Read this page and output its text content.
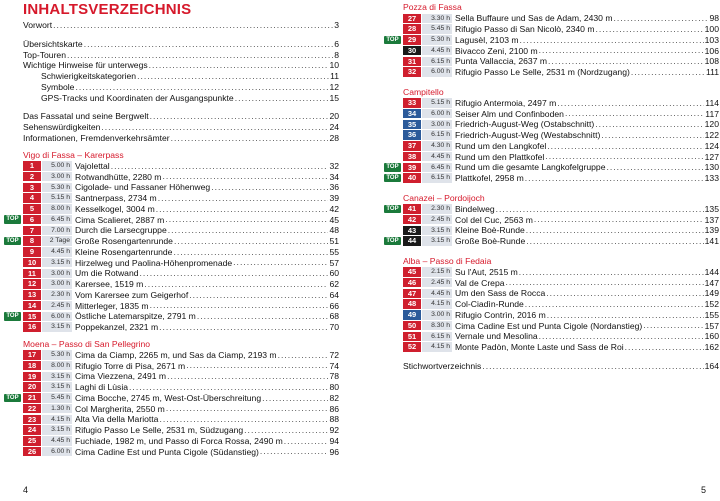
INHALTSVERZEICHNIS
Vorwort .....	3
Übersichtskarte .....	6
Top-Touren .....	8
Wichtige Hinweise für unterwegs .....	10
Schwierigkeitskategorien .....	11
Symbole .....	12
GPS-Tracks und Koordinaten der Ausgangspunkte .....	15
Das Fassatal und seine Bergwelt .....	20
Sehenswürdigkeiten .....	24
Informationen, Fremdenverkehrsämter .....	28
Vigo di Fassa – Karerpass
1	5.00 h Vajolettal .....	32
2	3.00 h Rotwandhütte, 2280 m .....	34
3	5.30 h Cigolade- und Fassaner Höhenweg .....	36
4	5.15 h Santnerpass, 2734 m .....	39
5	8.00 h Kesselkogel, 3004 m .....	42
TOP	6	6.45 h Cima Scalieret, 2887 m .....	45
7	7.00 h Durch die Larsecgruppe .....	48
TOP	8	2 Tage Große Rosengartenrunde .....	51
9	4.45 h Kleine Rosengartenrunde .....	55
10	3.15 h Hirzelweg und Paolina-Höhenpromenade .....	57
11	3.00 h Um die Rotwand .....	60
12	3.00 h Karersee, 1519 m .....	62
13	2.30 h Vom Karersee zum Geigerhof .....	64
14	2.45 h Mitterleger, 1835 m .....	66
TOP	15	6.00 h Östliche Latemarspitze, 2791 m .....	68
16	3.15 h Poppekanzel, 2321 m .....	70
Moena – Passo di San Pellegrino
17	5.30 h Cima da Ciamp, 2265 m, und Sas da Ciamp, 2193 m .....	72
18	8.00 h Rifugio Torre di Pisa, 2671 m .....	74
19	3.15 h Cima Viezzena, 2491 m .....	78
20	3.15 h Laghi di Lùsia .....	80
TOP	21	5.45 h Cima Bocche, 2745 m, West-Ost-Überschreitung .....	82
22	1.30 h Col Margherita, 2550 m .....	86
23	4.15 h Alta Via della Mariotta .....	88
24	3.15 h Rifugio Passo Le Selle, 2531 m, Südzugang .....	92
25	4.45 h Fuchiade, 1982 m, und Passo di Forca Rossa, 2490 m .....	94
26	6.00 h Cima Cadine Est und Punta Cigole (Südanstieg) .....	96
4
Pozza di Fassa
27	3.30 h Sella Buffaure und Sas de Adam, 2430 m .....	98
28	5.45 h Rifugio Passo di San Nicolò, 2340 m .....	100
TOP	29	5.30 h Lagusèl, 2103 m .....	103
30	4.45 h Bivacco Zeni, 2100 m .....	106
31	6.15 h Punta Vallaccia, 2637 m .....	108
32	6.00 h Rifugio Passo Le Selle, 2531 m (Nordzugang) .....	111
Campitello
33	5.15 h Rifugio Antermoia, 2497 m .....	114
34	6.00 h Seiser Alm und Confinboden .....	117
35	3.00 h Friedrich-August-Weg (Ostabschnitt) .....	120
36	6.15 h Friedrich-August-Weg (Westabschnitt) .....	122
37	4.30 h Rund um den Langkofel .....	124
38	4.45 h Rund um den Plattkofel .....	127
TOP	39	6.45 h Rund um die gesamte Langkofelgruppe .....	130
TOP	40	6.15 h Plattkofel, 2958 m .....	133
Canazei – Pordoijoch
TOP	41	2.30 h Bindelweg .....	135
42	2.45 h Col del Cuc, 2563 m .....	137
43	3.15 h Kleine Boè-Runde .....	139
TOP	44	3.15 h Große Boè-Runde .....	141
Alba – Passo di Fedaia
45	2.15 h Su l'Aut, 2515 m .....	144
46	2.45 h Val de Crepa .....	147
47	4.45 h Um den Sass de Rocca .....	149
48	4.15 h Col-Ciadìn-Runde .....	152
49	3.00 h Rifugio Contrìn, 2016 m .....	155
50	8.30 h Cima Cadine Est und Punta Cigole (Nordanstieg) .....	157
51	6.15 h Vernale und Mesolina .....	160
52	4.15 h Monte Padòn, Monte Laste und Sass de Roi .....	162
Stichwortverzeichnis .....	164
5
